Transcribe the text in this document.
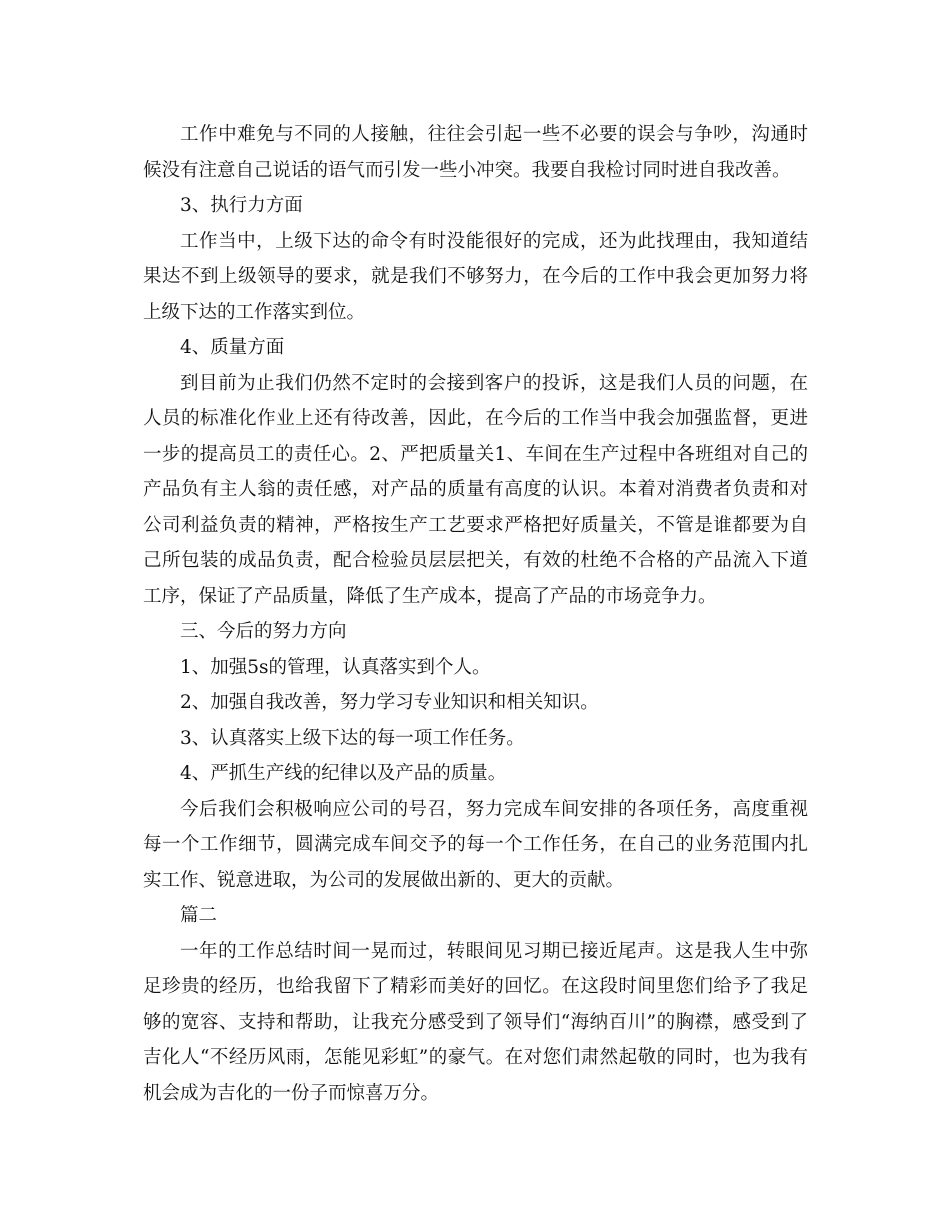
工作中难免与不同的人接触，往往会引起一些不必要的误会与争吵，沟通时候没有注意自己说话的语气而引发一些小冲突。我要自我检讨同时进自我改善。

3、执行力方面

工作当中，上级下达的命令有时没能很好的完成，还为此找理由，我知道结果达不到上级领导的要求，就是我们不够努力，在今后的工作中我会更加努力将上级下达的工作落实到位。

4、质量方面

到目前为止我们仍然不定时的会接到客户的投诉，这是我们人员的问题，在人员的标准化作业上还有待改善，因此，在今后的工作当中我会加强监督，更进一步的提高员工的责任心。2、严把质量关1、车间在生产过程中各班组对自己的产品负有主人翁的责任感，对产品的质量有高度的认识。本着对消费者负责和对公司利益负责的精神，严格按生产工艺要求严格把好质量关，不管是谁都要为自己所包装的成品负责，配合检验员层层把关，有效的杜绝不合格的产品流入下道工序，保证了产品质量，降低了生产成本，提高了产品的市场竞争力。

三、今后的努力方向

1、加强5s的管理，认真落实到个人。

2、加强自我改善，努力学习专业知识和相关知识。

3、认真落实上级下达的每一项工作任务。

4、严抓生产线的纪律以及产品的质量。

今后我们会积极响应公司的号召，努力完成车间安排的各项任务，高度重视每一个工作细节，圆满完成车间交予的每一个工作任务，在自己的业务范围内扎实工作、锐意进取，为公司的发展做出新的、更大的贡献。

篇二

一年的工作总结时间一晃而过，转眼间见习期已接近尾声。这是我人生中弥足珍贵的经历，也给我留下了精彩而美好的回忆。在这段时间里您们给予了我足够的宽容、支持和帮助，让我充分感受到了领导们“海纳百川”的胸襟，感受到了吉化人“不经历风雨，怎能见彩虹”的豪气。在对您们肃然起敬的同时，也为我有机会成为吉化的一份子而惊喜万分。
